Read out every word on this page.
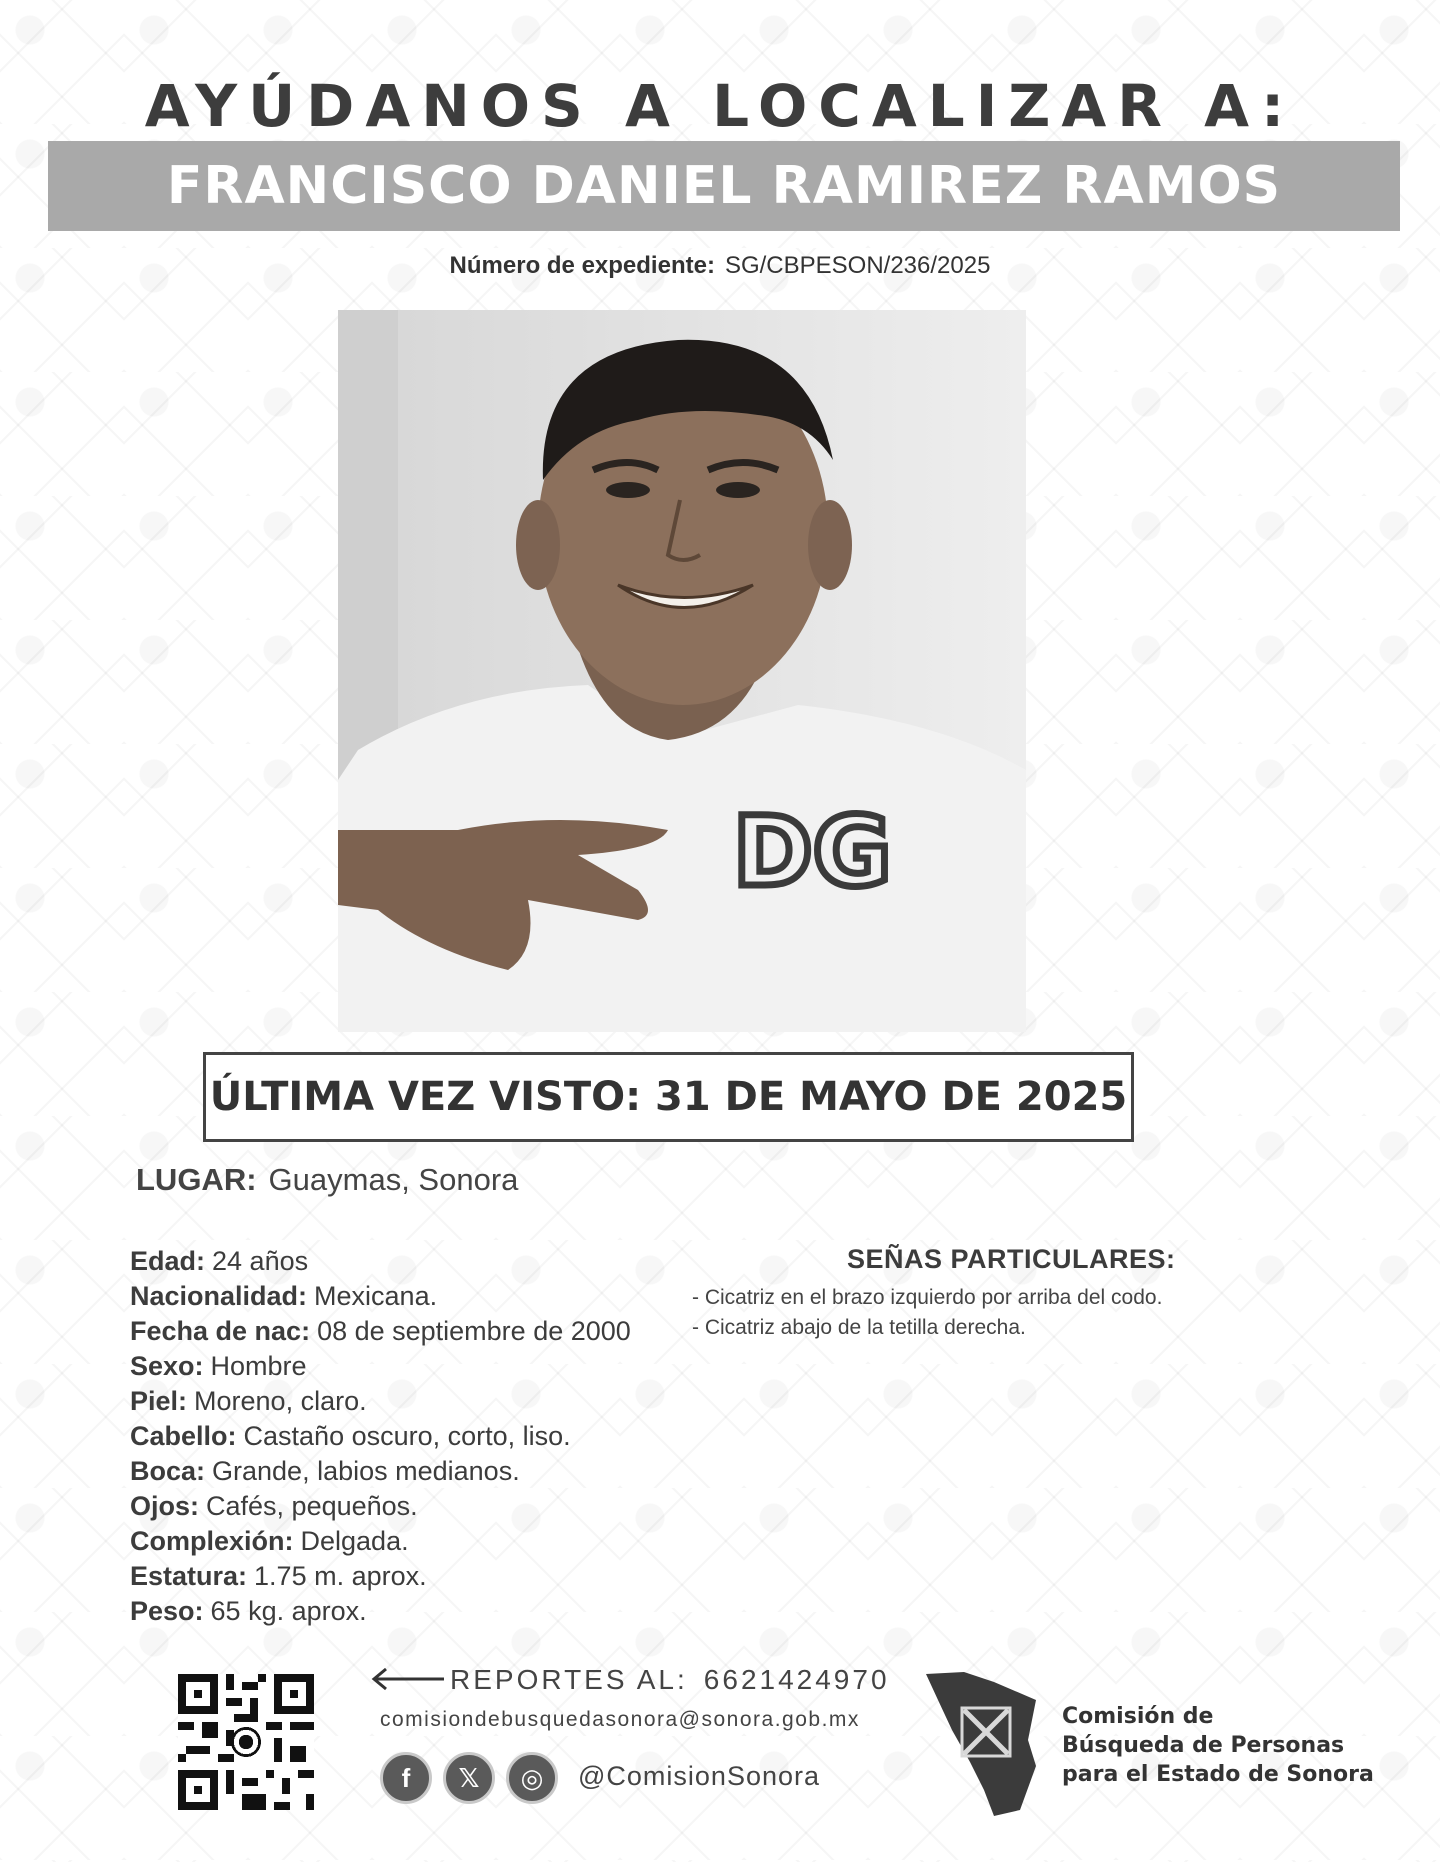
AYÚDANOS A LOCALIZAR A:
FRANCISCO DANIEL RAMIREZ RAMOS
Número de expediente: SG/CBPESON/236/2025
DG
ÚLTIMA VEZ VISTO: 31 DE MAYO DE 2025
LUGAR: Guaymas, Sonora
Edad: 24 años
Nacionalidad: Mexicana.
Fecha de nac: 08 de septiembre de 2000
Sexo: Hombre
Piel: Moreno, claro.
Cabello: Castaño oscuro, corto, liso.
Boca: Grande, labios medianos.
Ojos: Cafés, pequeños.
Complexión: Delgada.
Estatura: 1.75 m. aprox.
Peso: 65 kg. aprox.
SEÑAS PARTICULARES:
- Cicatriz en el brazo izquierdo por arriba del codo.
- Cicatriz abajo de la tetilla derecha.
REPORTES AL: 6621424970
comisiondebusquedasonora@sonora.gob.mx
f	𝕏	◎	@ComisionSonora
Comisión de
Búsqueda de Personas
para el Estado de Sonora
